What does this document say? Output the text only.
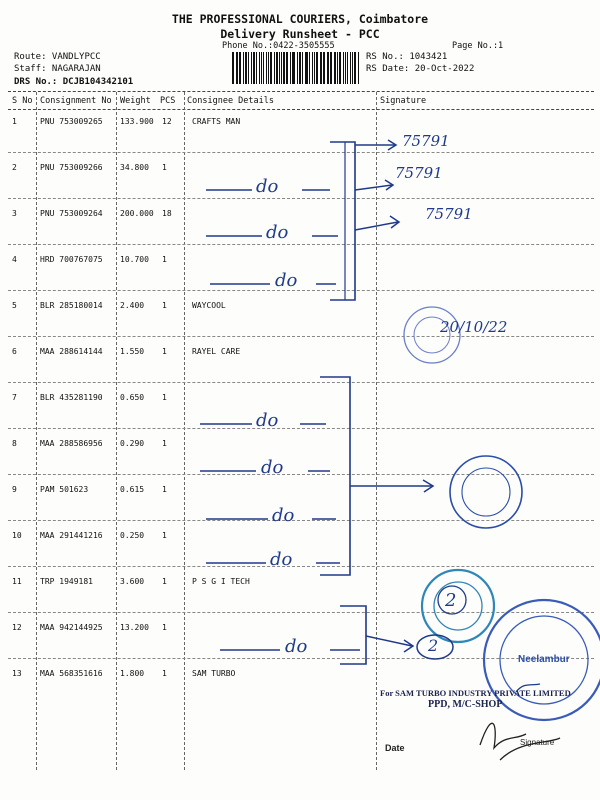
THE PROFESSIONAL COURIERS, Coimbatore
Delivery Runsheet - PCC
Phone No.:0422-3505555	Page No.:1
Route: VANDLYPCC
Staff: NAGARAJAN
DRS No.: DCJB104342101
RS No.: 1043421
RS Date: 20-Oct-2022
S No Consignment No Weight PCS Consignee Details	Signature
1	PNU 753009265 133.900 12	CRAFTS MAN
2	PNU 753009266 34.800 1
3	PNU 753009264 200.000 18
4	HRD 700767075 10.700 1
5	BLR 285180014 2.400 1	WAYCOOL
6	MAA 288614144 1.550 1	RAYEL CARE
7	BLR 435281190 0.650 1
8	MAA 288586956 0.290 1
9	PAM 501623	0.615 1
10 MAA 291441216 0.250 1
11 TRP 1949181	3.600 1	P S G I TECH
12 MAA 942144925 13.200 1
13 MAA 568351616 1.800 1	SAM TURBO
do
do
do
do
do
do
do
do
75791
75791
75791
20/10/22
2
2
Neelambur
For SAM TURBO INDUSTRY PRIVATE LIMITED
PPD, M/C-SHOP
Date
Signature
